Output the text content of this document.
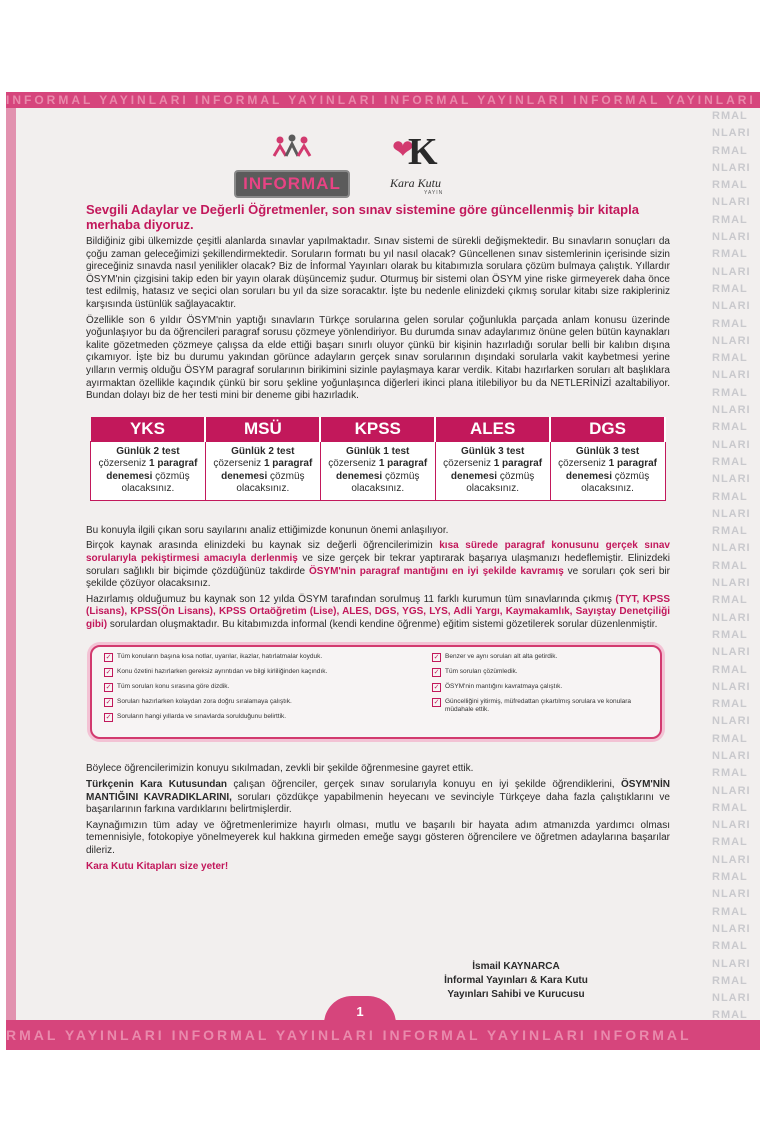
INFORMAL YAYINLARI INFORMAL YAYINLARI INFORMAL YAYINLARI INFORMAL YAYINLARI
RMAL
NLARI
RMAL
NLARI
RMAL
NLARI
RMAL
NLARI
RMAL
NLARI
RMAL
NLARI
RMAL
NLARI
RMAL
NLARI
RMAL
NLARI
RMAL
NLARI
RMAL
NLARI
RMAL
NLARI
RMAL
NLARI
RMAL
NLARI
RMAL
NLARI
RMAL
NLARI
RMAL
NLARI
RMAL
NLARI
RMAL
NLARI
RMAL
NLARI
RMAL
NLARI
RMAL
NLARI
RMAL
NLARI
RMAL
NLARI
RMAL
NLARI
RMAL
NLARI
RMAL
INFORMAL
❤
K
Kara Kutu
YAYIN
Sevgili Adaylar ve Değerli Öğretmenler, son sınav sistemine göre güncellenmiş bir kitapla merhaba diyoruz.

Bildiğiniz gibi ülkemizde çeşitli alanlarda sınavlar yapılmaktadır. Sınav sistemi de sürekli değişmektedir. Bu sınavların sonuçları da çoğu zaman geleceğimizi şekillendirmektedir. Soruların formatı bu yıl nasıl olacak? Güncellenen sınav sistemlerinin içerisinde sizin gireceğiniz sınavda nasıl yenilikler olacak? Biz de İnformal Yayınları olarak bu kitabımızla sorulara çözüm bulmaya çalıştık. Yıllardır ÖSYM'nin çizgisini takip eden bir yayın olarak düşüncemiz şudur. Oturmuş bir sistemi olan ÖSYM yine riske girmeyerek daha önce test edilmiş, hatasız ve seçici olan soruları bu yıl da size soracaktır. İşte bu nedenle elinizdeki çıkmış sorular kitabı size rakipleriniz karşısında üstünlük sağlayacaktır.

Özellikle son 6 yıldır ÖSYM'nin yaptığı sınavların Türkçe sorularına gelen sorular çoğunlukla parçada anlam konusu üzerinde yoğunlaşıyor bu da öğrencileri paragraf sorusu çözmeye yönlendiriyor. Bu durumda sınav adaylarımız önüne gelen bütün kaynakları kalite gözetmeden çözmeye çalışsa da elde ettiği başarı sınırlı oluyor çünkü bir kişinin hazırladığı sorular belli bir kalıbın dışına çıkamıyor. İşte biz bu durumu yakından görünce adayların gerçek sınav sorularının dışındaki sorularla vakit kaybetmesi yerine yılların vermiş olduğu ÖSYM paragraf sorularının birikimini sizinle paylaşmaya karar verdik. Kitabı hazırlarken soruları alt başlıklara ayırmaktan özellikle kaçındık çünkü bir soru şekline yoğunlaşınca diğerleri ikinci plana itilebiliyor bu da NETLERİNİZİ azaltabiliyor. Bundan dolayı biz de her testi mini bir deneme gibi hazırladık.

YKS	MSÜ	KPSS	ALES	DGS
Günlük 2 test çözerseniz 1 paragraf denemesi çözmüş olacaksınız.	Günlük 2 test çözerseniz 1 paragraf denemesi çözmüş olacaksınız.	Günlük 1 test çözerseniz 1 paragraf denemesi çözmüş olacaksınız.	Günlük 3 test çözerseniz 1 paragraf denemesi çözmüş olacaksınız.	Günlük 3 test çözerseniz 1 paragraf denemesi çözmüş olacaksınız.

Bu konuyla ilgili çıkan soru sayılarını analiz ettiğimizde konunun önemi anlaşılıyor.

Birçok kaynak arasında elinizdeki bu kaynak siz değerli öğrencilerimizin kısa sürede paragraf konusunu gerçek sınav sorularıyla pekiştirmesi amacıyla derlenmiş ve size gerçek bir tekrar yaptırarak başarıya ulaşmanızı hedeflemiştir. Elinizdeki soruları sağlıklı bir biçimde çözdüğünüz takdirde ÖSYM'nin paragraf mantığını en iyi şekilde kavramış ve soruları çok seri bir şekilde çözüyor olacaksınız.

Hazırlamış olduğumuz bu kaynak son 12 yılda ÖSYM tarafından sorulmuş 11 farklı kurumun tüm sınavlarında çıkmış (TYT, KPSS (Lisans), KPSS(Ön Lisans), KPSS Ortaöğretim (Lise), ALES, DGS, YGS, LYS, Adli Yargı, Kaymakamlık, Sayıştay Denetçiliği gibi) sorulardan oluşmaktadır. Bu kitabımızda informal (kendi kendine öğrenme) eğitim sistemi gözetilerek sorular düzenlenmiştir.

✓ Tüm konuların başına kısa notlar, uyarılar, ikazlar, hatırlatmalar koyduk.
✓ Konu özetini hazırlarken gereksiz ayrıntıdan ve bilgi kirliliğinden kaçındık.
✓ Tüm soruları konu sırasına göre dizdik.
✓ Soruları hazırlarken kolaydan zora doğru sıralamaya çalıştık.
✓ Soruların hangi yıllarda ve sınavlarda sorulduğunu belirttik.
✓ Benzer ve aynı soruları alt alta getirdik.
✓ Tüm soruları çözümledik.
✓ ÖSYM'nin mantığını kavratmaya çalıştık.
✓ Güncelliğini yitirmiş, müfredattan çıkartılmış sorulara ve konulara müdahale ettik.

Böylece öğrencilerimizin konuyu sıkılmadan, zevkli bir şekilde öğrenmesine gayret ettik.

Türkçenin Kara Kutusundan çalışan öğrenciler, gerçek sınav sorularıyla konuyu en iyi şekilde öğrendiklerini, ÖSYM'NİN MANTIĞINI KAVRADIKLARINI, soruları çözdükçe yapabilmenin heyecanı ve sevinciyle Türkçeye daha fazla çalıştıklarını ve başarılarının farkına vardıklarını belirtmişlerdir.

Kaynağımızın tüm aday ve öğretmenlerimize hayırlı olması, mutlu ve başarılı bir hayata adım atmanızda yardımcı olması temennisiyle, fotokopiye yönelmeyerek kul hakkına girmeden emeğe saygı gösteren öğrencilere ve öğretmen adaylarına başarılar dileriz.

Kara Kutu Kitapları size yeter!

İsmail KAYNARCA
İnformal Yayınları & Kara Kutu
Yayınları Sahibi ve Kurucusu
1
RMAL YAYINLARI INFORMAL YAYINLARI INFORMAL YAYINLARI INFORMAL
